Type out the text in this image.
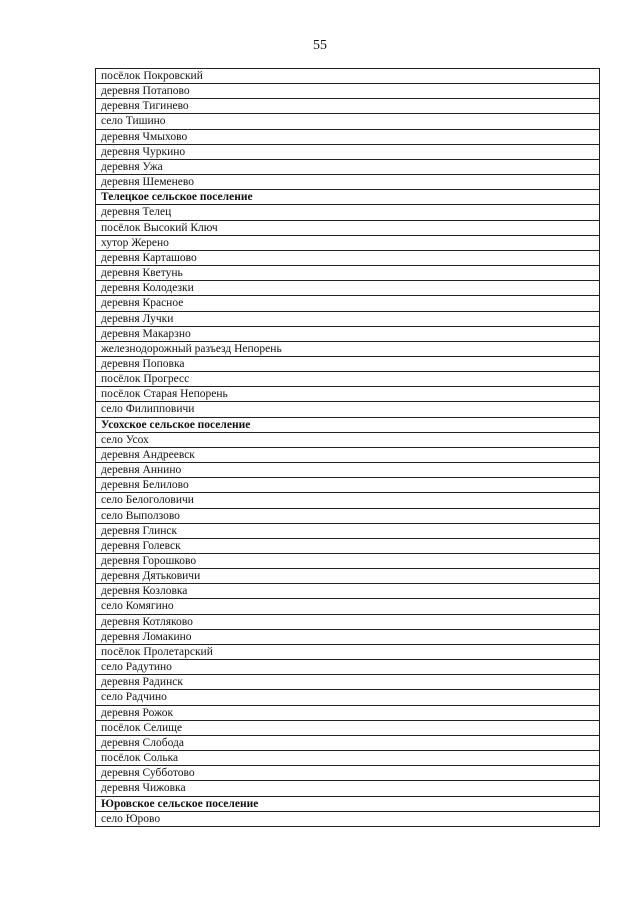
55
посёлок Покровский
деревня Потапово
деревня Тигинево
село Тишино
деревня Чмыхово
деревня Чуркино
деревня Ужа
деревня Шеменево
Телецкое сельское поселение
деревня Телец
посёлок Высокий Ключ
хутор Жерено
деревня Карташово
деревня Кветунь
деревня Колодезки
деревня Красное
деревня Лучки
деревня Макарзно
железнодорожный разъезд Непорень
деревня Поповка
посёлок Прогресс
посёлок Старая Непорень
село Филипповичи
Усохское сельское поселение
село Усох
деревня Андреевск
деревня Аннино
деревня Белилово
село Белоголовичи
село Выползово
деревня Глинск
деревня Голевск
деревня Горошково
деревня Дятьковичи
деревня Козловка
село Комягино
деревня Котляково
деревня Ломакино
посёлок Пролетарский
село Радутино
деревня Радинск
село Радчино
деревня Рожок
посёлок Селище
деревня Слобода
посёлок Солька
деревня Субботово
деревня Чижовка
Юровское сельское поселение
село Юрово
